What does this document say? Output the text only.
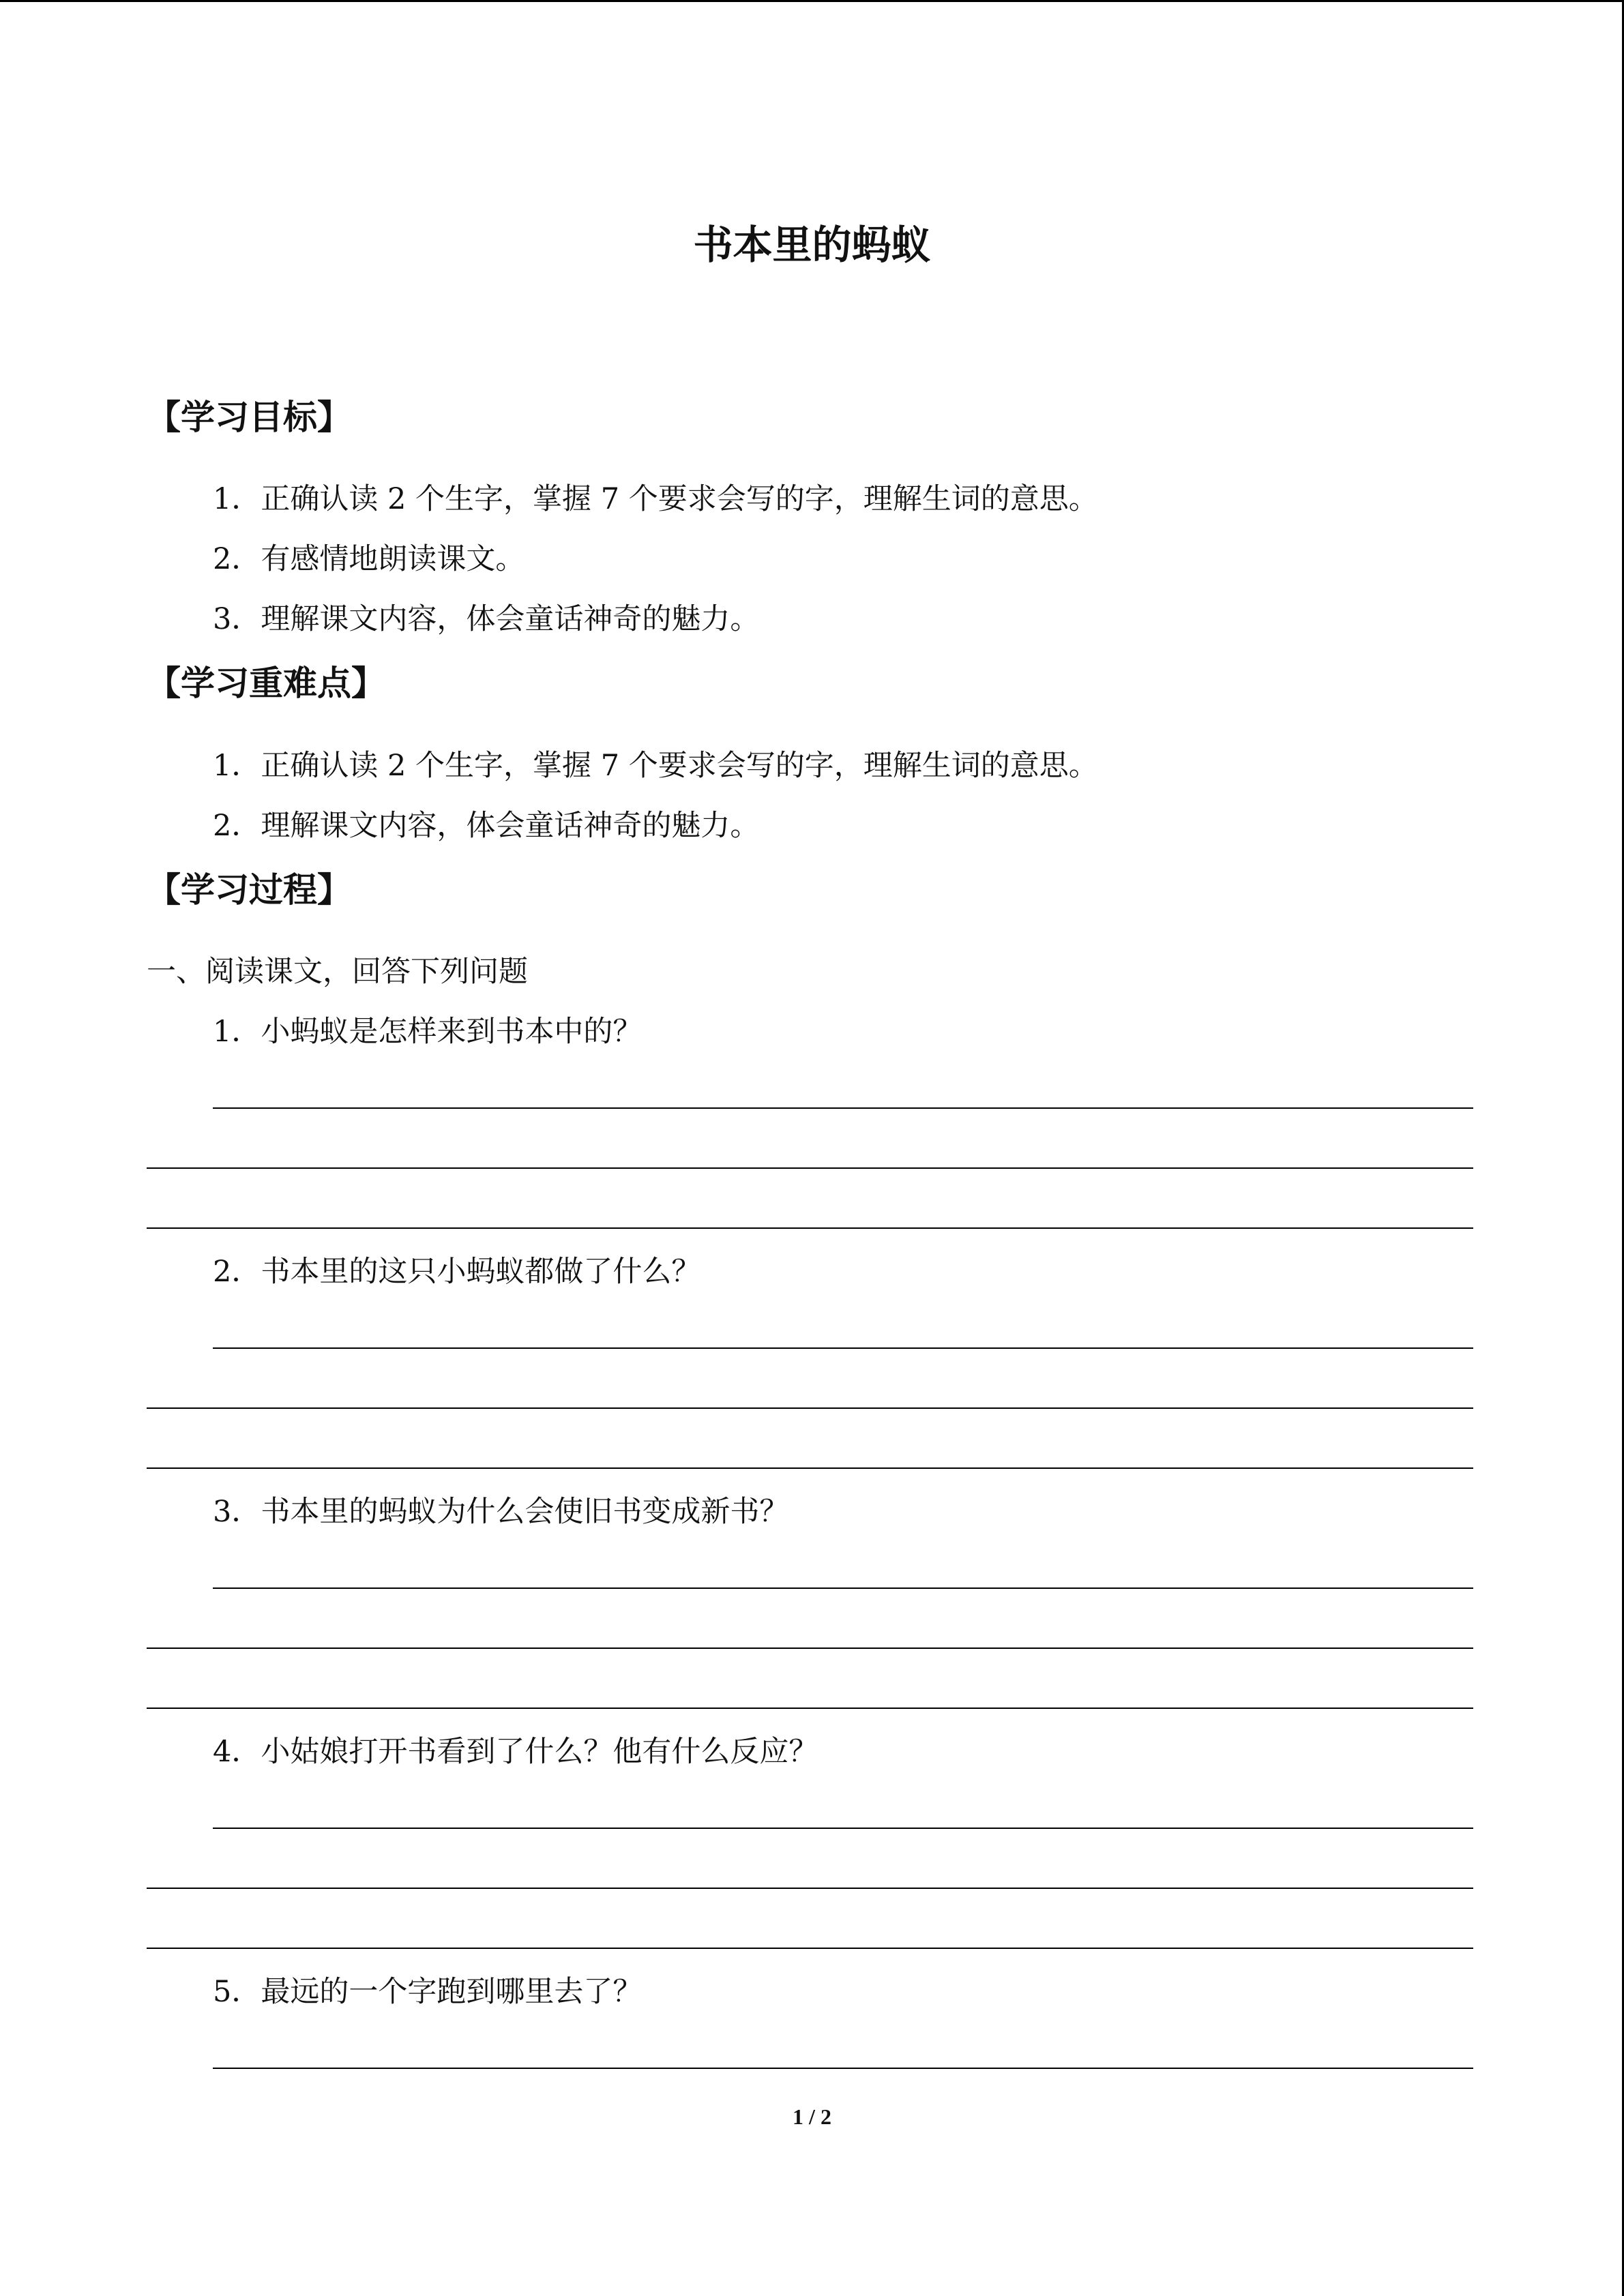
书本里的蚂蚁
【学习目标】
1．正确认读 2 个生字，掌握 7 个要求会写的字，理解生词的意思。
2．有感情地朗读课文。
3．理解课文内容，体会童话神奇的魅力。
【学习重难点】
1．正确认读 2 个生字，掌握 7 个要求会写的字，理解生词的意思。
2．理解课文内容，体会童话神奇的魅力。
【学习过程】
一、阅读课文，回答下列问题
1．小蚂蚁是怎样来到书本中的？
2．书本里的这只小蚂蚁都做了什么？
3．书本里的蚂蚁为什么会使旧书变成新书？
4．小姑娘打开书看到了什么？他有什么反应？
5．最远的一个字跑到哪里去了？
1 / 2
